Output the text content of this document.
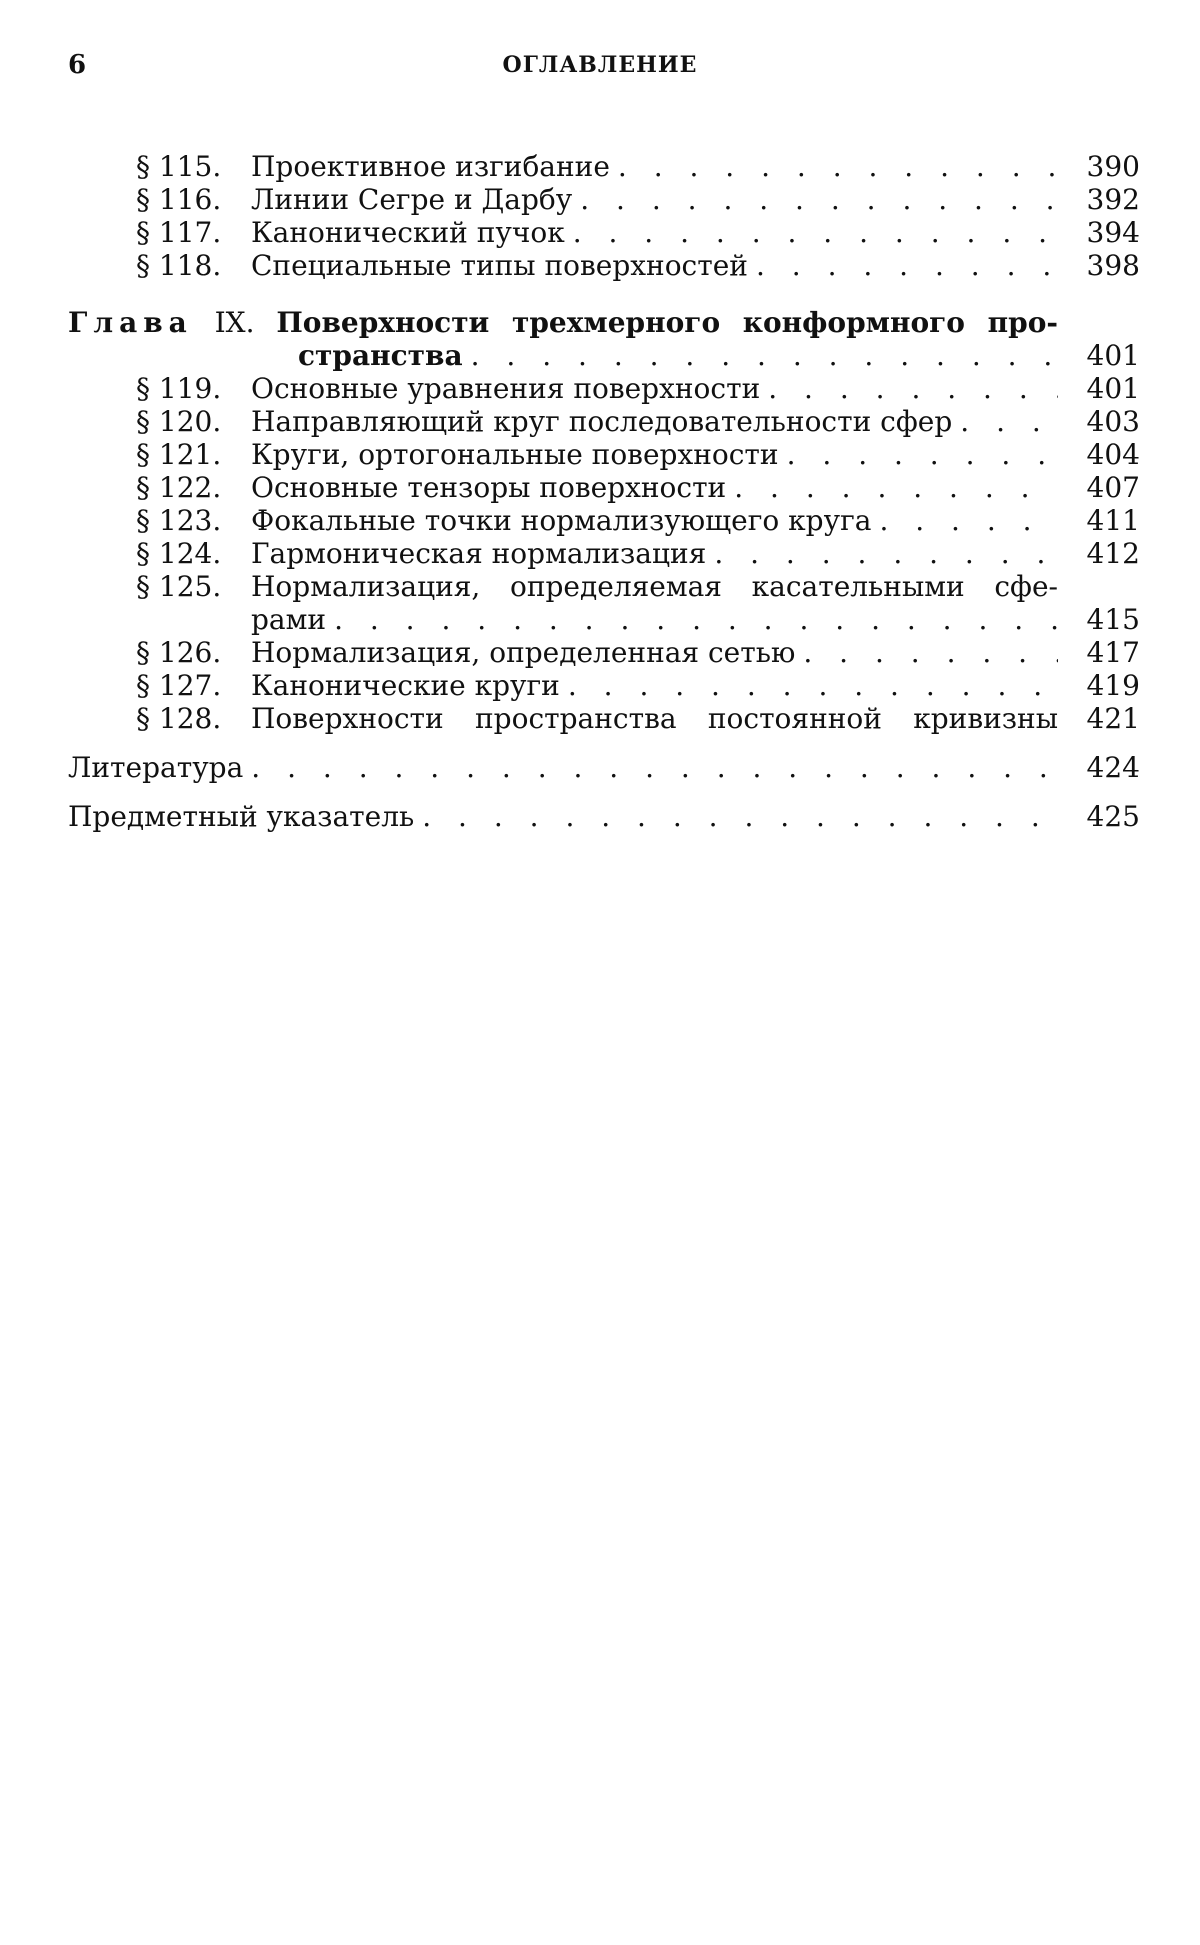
6	ОГЛАВЛЕНИЕ
§ 115.	Проективное изгибание . . .	390
§ 116.	Линии Сегре и Дарбу . . .	392
§ 117.	Канонический пучок . . .	394
§ 118.	Специальные типы поверхностей . . .	398
Глава IX. Поверхности трехмерного конформного про-
странства . . .	401
§ 119.	Основные уравнения поверхности . . .	401
§ 120.	Направляющий круг последовательности сфер . . .	403
§ 121.	Круги, ортогональные поверхности . . .	404
§ 122.	Основные тензоры поверхности . . .	407
§ 123.	Фокальные точки нормализующего круга . . .	411
§ 124.	Гармоническая нормализация . . .	412
§ 125.	Нормализация, определяемая касательными сфе-
рами . . .	415
§ 126.	Нормализация, определенная сетью . . .	417
§ 127.	Канонические круги . . .	419
§ 128.	Поверхности пространства постоянной кривизны	421
Литература . . .	424
Предметный указатель . . .	425
